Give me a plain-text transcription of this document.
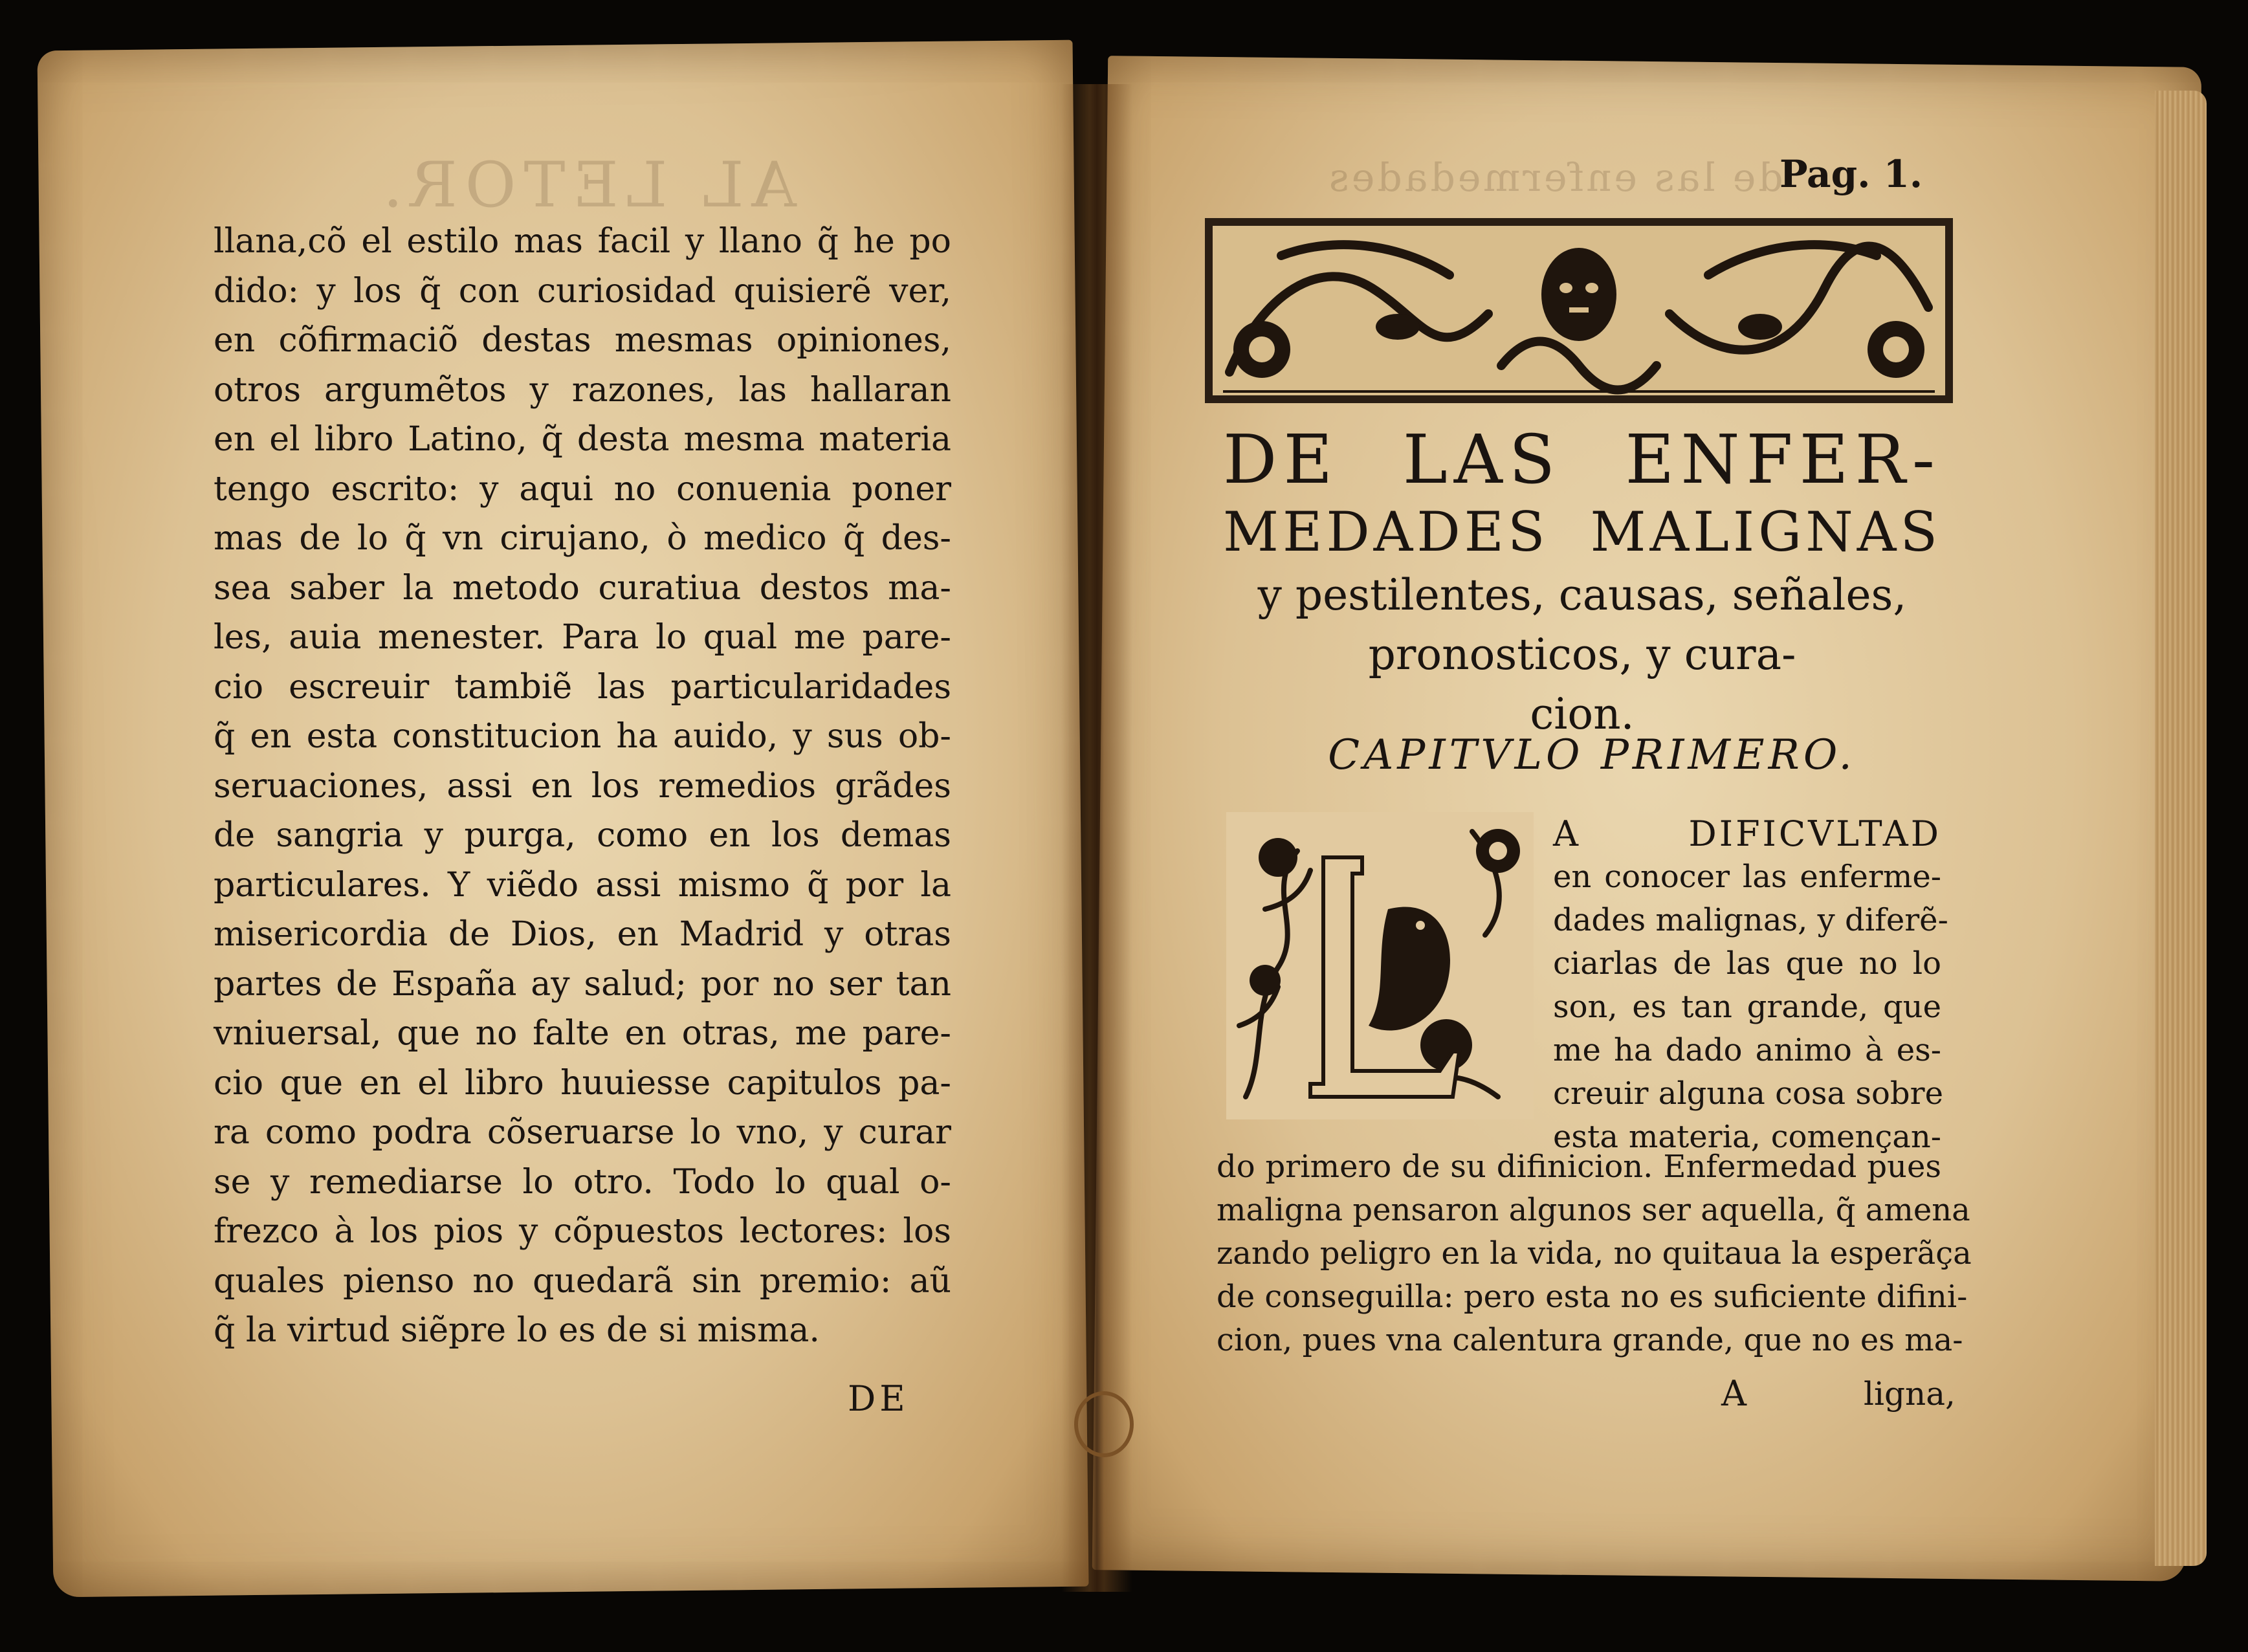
AL LETOR.	de las enfermedades
llana,cõ el estilo mas facil y llano q̃ he po
dido: y los q̃ con curiosidad quisierẽ ver,
en cõfirmaciõ destas mesmas opiniones,
otros argumẽtos y razones, las hallaran
en el libro Latino, q̃ desta mesma materia
tengo escrito: y aqui no conuenia poner
mas de lo q̃ vn cirujano, ò medico q̃ des-
sea saber la metodo curatiua destos ma-
les, auia menester. Para lo qual me pare-
cio escreuir tambiẽ las particularidades
q̃ en esta constitucion ha auido, y sus ob-
seruaciones, assi en los remedios grãdes
de sangria y purga, como en los demas
particulares. Y viẽdo assi mismo q̃ por la
misericordia de Dios, en Madrid y otras
partes de España ay salud; por no ser tan
vniuersal, que no falte en otras, me pare-
cio que en el libro huuiesse capitulos pa-
ra como podra cõseruarse lo vno, y curar
se y remediarse lo otro. Todo lo qual o-
frezco à los pios y cõpuestos lectores: los
quales pienso no quedarã sin premio: aũ
q̃ la virtud siẽpre lo es de si misma.
DE
Pag. 1.
DE LAS ENFER-
MEDADES MALIGNAS
y pestilentes, causas, señales,
pronosticos, y cura-
cion.
CAPITVLO PRIMERO.
L
A DIFICVLTAD
en conocer las enferme-
dades malignas, y diferẽ-
ciarlas de las que no lo
son, es tan grande, que
me ha dado animo à es-
creuir alguna cosa sobre
esta materia, començan-
do primero de su difinicion. Enfermedad pues
maligna pensaron algunos ser aquella, q̃ amena
zando peligro en la vida, no quitaua la esperãça
de conseguilla: pero esta no es suficiente difini-
cion, pues vna calentura grande, que no es ma-
A	ligna,
